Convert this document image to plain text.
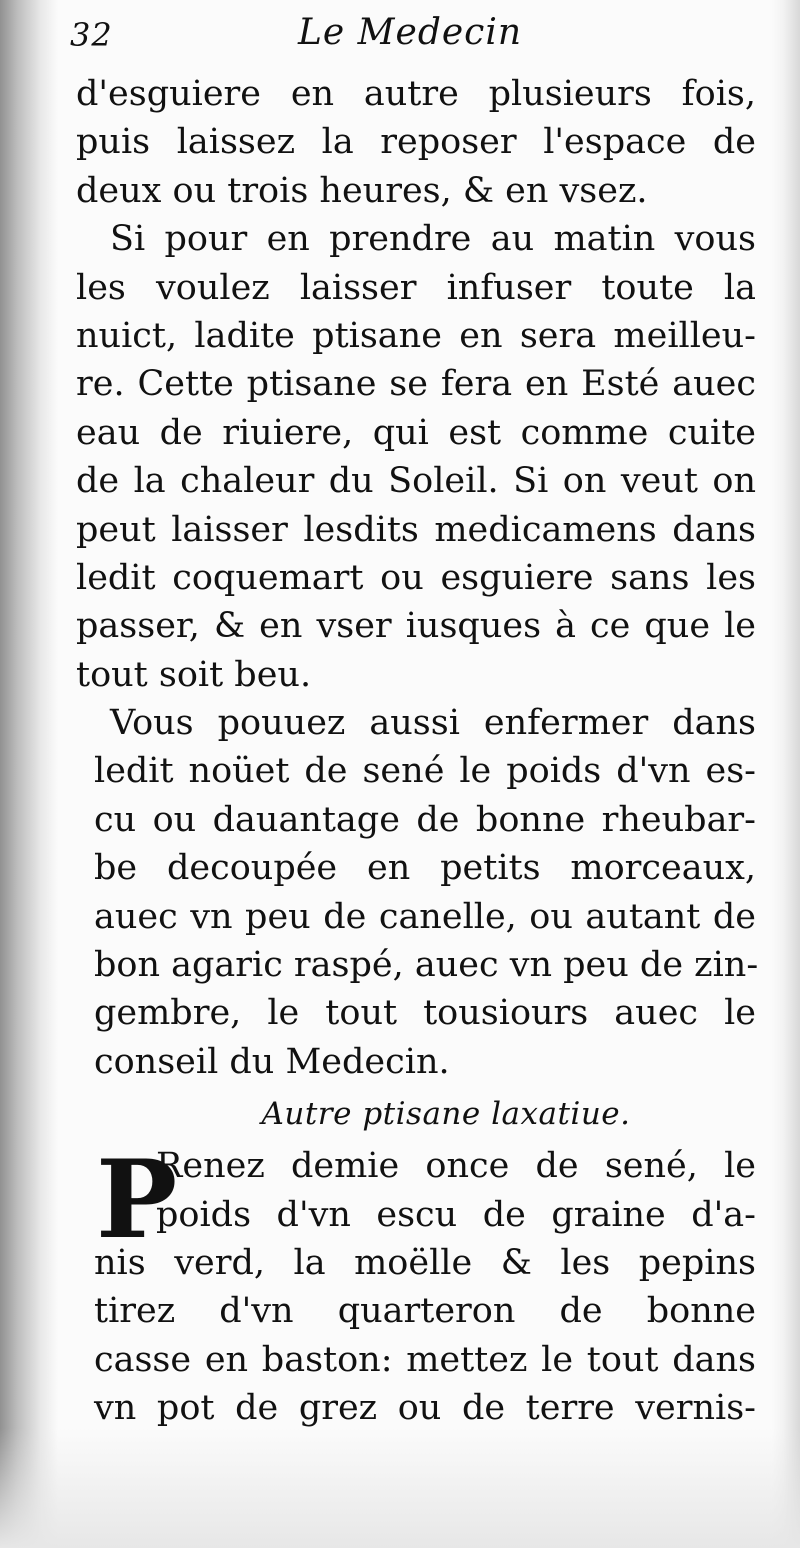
32	Le Medecin
d'esguiere en autre plusieurs fois,
puis laissez la reposer l'espace de
deux ou trois heures, & en vsez.
Si pour en prendre au matin vous
les voulez laisser infuser toute la
nuict, ladite ptisane en sera meilleu-
re. Cette ptisane se fera en Esté auec
eau de riuiere, qui est comme cuite
de la chaleur du Soleil. Si on veut on
peut laisser lesdits medicamens dans
ledit coquemart ou esguiere sans les
passer, & en vser iusques à ce que le
tout soit beu.
Vous pouuez aussi enfermer dans
ledit noüet de sené le poids d'vn es-
cu ou dauantage de bonne rheubar-
be decoupée en petits morceaux,
auec vn peu de canelle, ou autant de
bon agaric raspé, auec vn peu de zin-
gembre, le tout tousiours auec le
conseil du Medecin.
Autre ptisane laxatiue.
P
Renez demie once de sené, le
poids d'vn escu de graine d'a-
nis verd, la moëlle & les pepins
tirez d'vn quarteron de bonne
casse en baston: mettez le tout dans
vn pot de grez ou de terre vernis-
